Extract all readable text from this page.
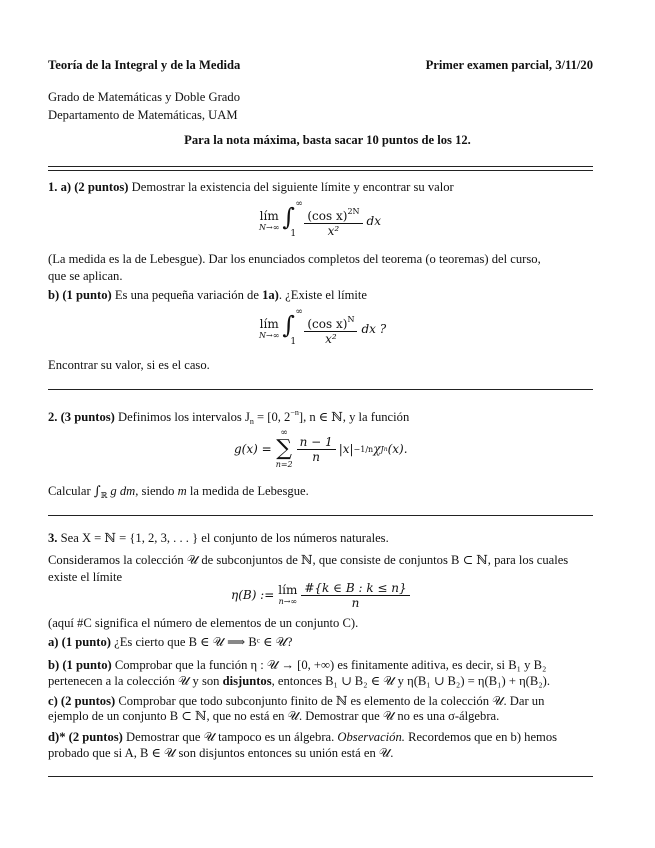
Teoría de la Integral y de la Medida	Primer examen parcial, 3/11/20
Grado de Matemáticas y Doble Grado
Departamento de Matemáticas, UAM
Para la nota máxima, basta sacar 10 puntos de los 12.
1. a) (2 puntos) Demostrar la existencia del siguiente límite y encontrar su valor
lím
N→∞ ∫ ∞
$1 \frac{(\cos x)^{2N}}{\text{x²}}$ dx
(La medida es la de Lebesgue). Dar los enunciados completos del teorema (o teoremas) del curso,
que se aplican.
b) (1 punto) Es una pequeña variación de 1a). ¿Existe el límite
lím
N→∞ ∫ ∞
$1 \frac{(\cos x)^N}{\text{x²}}$ dx ?
Encontrar su valor, si es el caso.
2. (3 puntos) Definimos los intervalos $J_n = [0$, $2^{-n}$], n ∈ ℕ, y la función
g(x) =
∞
∑
n=2
$\frac{n - 1}{n} |x| -1/n$ χ J n (x).
Calcular $\int_ℝ$ g dm, siendo m la medida de Lebesgue.
3. Sea X = ℕ = {1, 2, 3, . . . } el conjunto de los números naturales.
Consideramos la colección 𝒰 de subconjuntos de ℕ, que consiste de conjuntos B ⊂ ℕ, para los cuales
existe el límite
η(B) := lím
$n\to\infty \frac{\#\{k \in B : k \le n\}}{n}$
(aquí #C significa el número de elementos de un conjunto C).
a) (1 punto) ¿Es cierto que B ∈ 𝒰 ⟹ Bᶜ ∈ 𝒰?
b) (1 punto) Comprobar que la función η : 𝒰 → [0, +∞) es finitamente aditiva, es decir, si B₁ y B₂
pertenecen a la colección 𝒰 y son disjuntos, entonces B₁ ∪ B₂ ∈ 𝒰 y η(B₁ ∪ B₂) = η(B₁) + η(B₂).
c) (2 puntos) Comprobar que todo subconjunto finito de ℕ es elemento de la colección 𝒰. Dar un
ejemplo de un conjunto B ⊂ ℕ, que no está en 𝒰. Demostrar que 𝒰 no es una σ-álgebra.
d)* (2 puntos) Demostrar que 𝒰 tampoco es un álgebra. Observación. Recordemos que en b) hemos
probado que si A, B ∈ 𝒰 son disjuntos entonces su unión está en 𝒰.
